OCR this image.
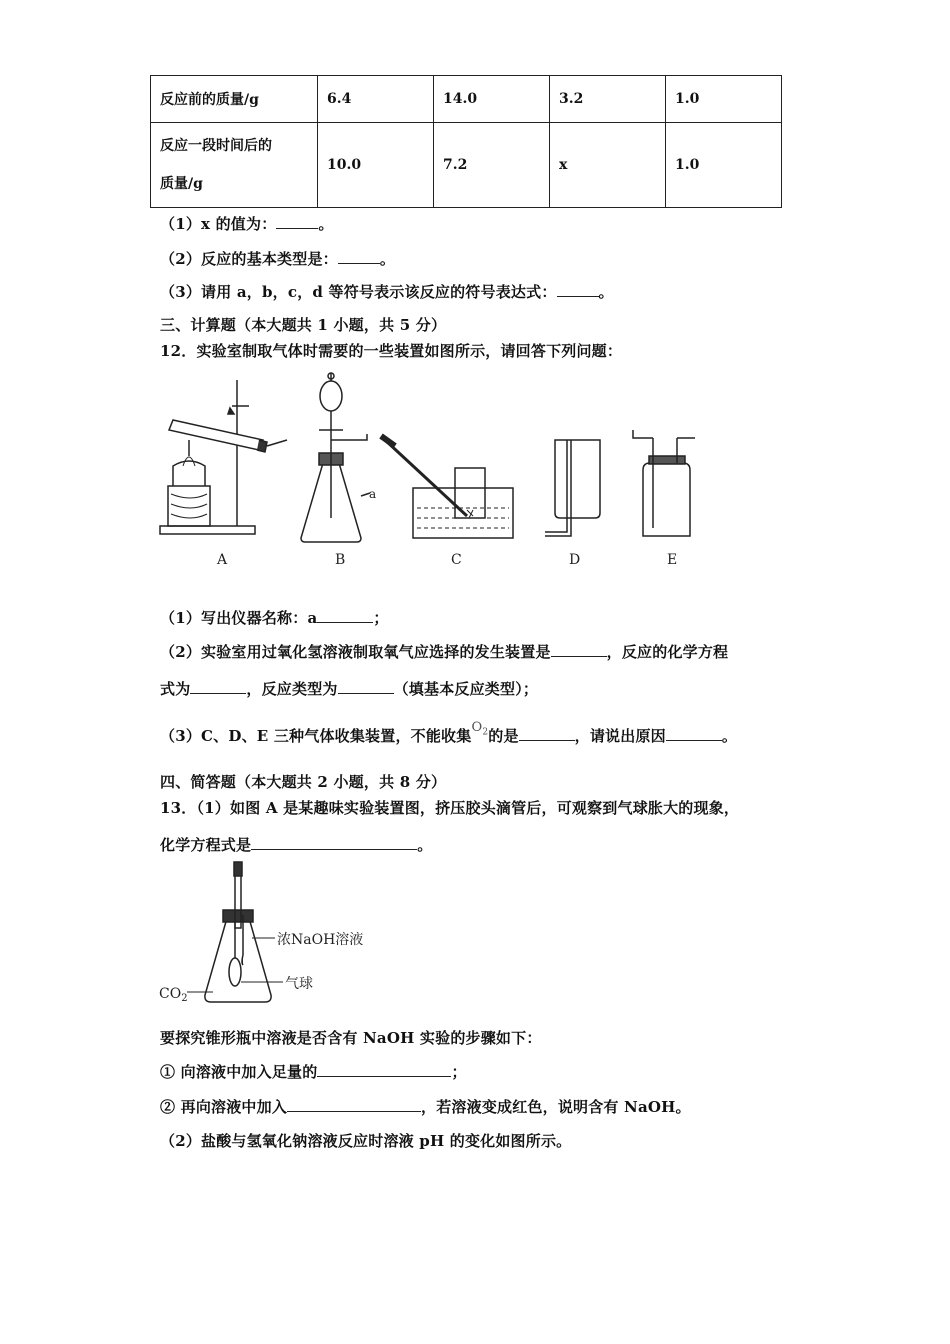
反应前的质量/g	6.4	14.0	3.2	1.0

反应一段时间后的
质量/g	10.0	7.2	x	1.0
（1）x 的值为：	。
（2）反应的基本类型是：	。
（3）请用 a，b，c，d 等符号表示该反应的符号表达式：	。
三、计算题（本大题共 1 小题，共 5 分）
12．实验室制取气体时需要的一些装置如图所示，请回答下列问题：
a
A	B	C	D	E
（1）写出仪器名称：a	；
（2）实验室用过氧化氢溶液制取氧气应选择的发生装置是	，反应的化学方程
式为	，反应类型为	（填基本反应类型）；
（3）C、D、E 三种气体收集装置，不能收集$O_2$的是	，请说出原因	。
四、简答题（本大题共 2 小题，共 8 分）
13．（1）如图 A 是某趣味实验装置图，挤压胶头滴管后，可观察到气球胀大的现象，
化学方程式是	。
浓NaOH溶液
气球
$CO_2$
要探究锥形瓶中溶液是否含有 NaOH 实验的步骤如下：
① 向溶液中加入足量的	；
② 再向溶液中加入	，若溶液变成红色，说明含有 NaOH。
（2）盐酸与氢氧化钠溶液反应时溶液 pH 的变化如图所示。
